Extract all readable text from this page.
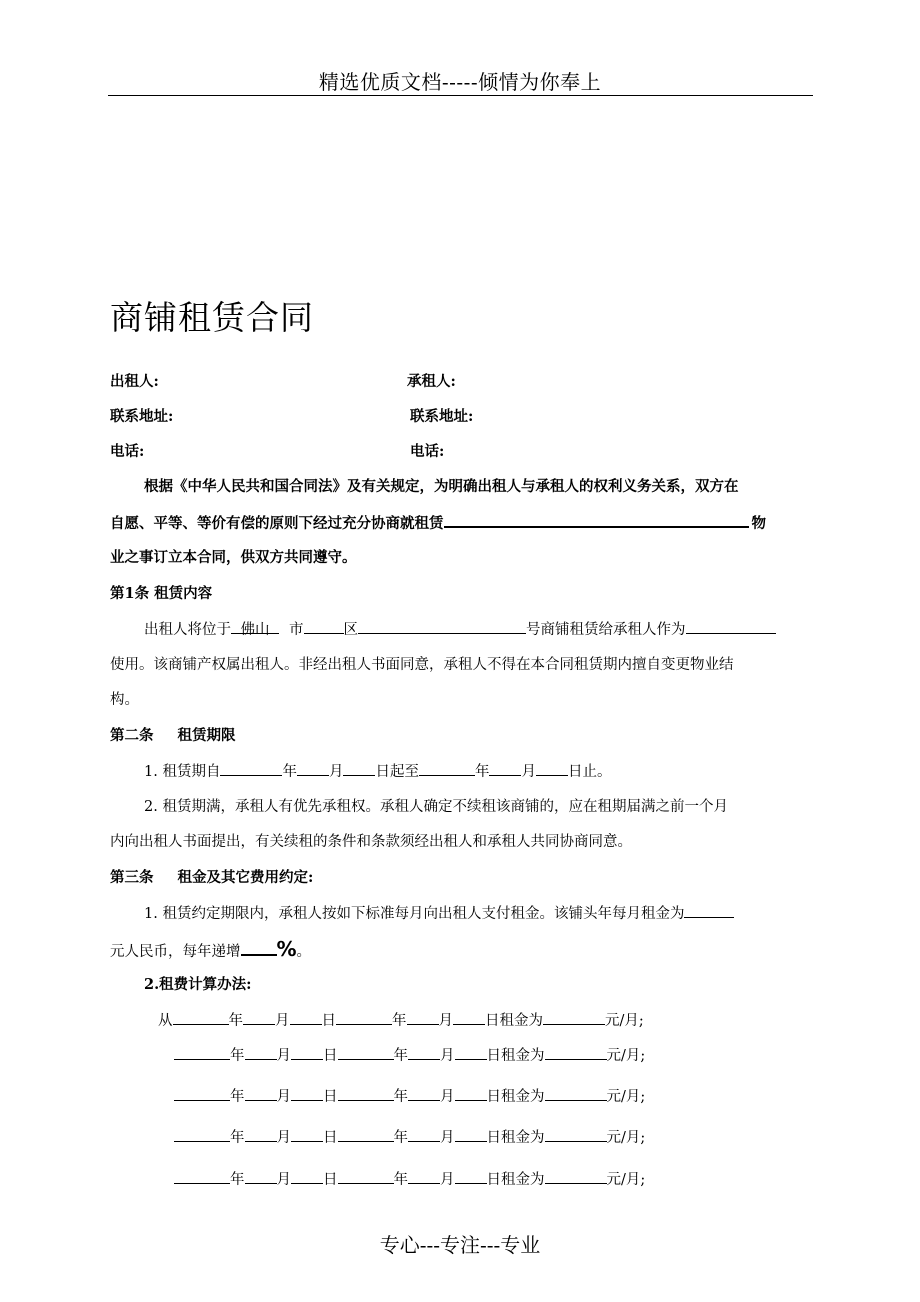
精选优质文档-----倾情为你奉上
商铺租赁合同
出租人:	承租人:
联系地址:	联系地址:
电话:	电话:
根据《中华人民共和国合同法》及有关规定，为明确出租人与承租人的权利义务关系，双方在
自愿、平等、等价有偿的原则下经过充分协商就租赁	物
业之事订立本合同，供双方共同遵守。
第1条 租赁内容
出租人将位于 佛山 市	区	号商铺租赁给承租人作为
使用。该商铺产权属出租人。非经出租人书面同意，承租人不得在本合同租赁期内擅自变更物业结
构。
第二条 租赁期限
1. 租赁期自	年 月 日起至	年 月 日止。
2. 租赁期满，承租人有优先承租权。承租人确定不续租该商铺的，应在租期届满之前一个月
内向出租人书面提出，有关续租的条件和条款须经出租人和承租人共同协商同意。
第三条 租金及其它费用约定:
1. 租赁约定期限内，承租人按如下标准每月向出租人支付租金。该铺头年每月租金为
元人民币，每年递增 %。
2.租费计算办法:
从	年 月 日	年 月 日租金为	元/月;
年 月 日	年 月 日租金为	元/月;
年 月 日	年 月 日租金为	元/月;
年 月 日	年 月 日租金为	元/月;
年 月 日	年 月 日租金为	元/月;
专心---专注---专业
